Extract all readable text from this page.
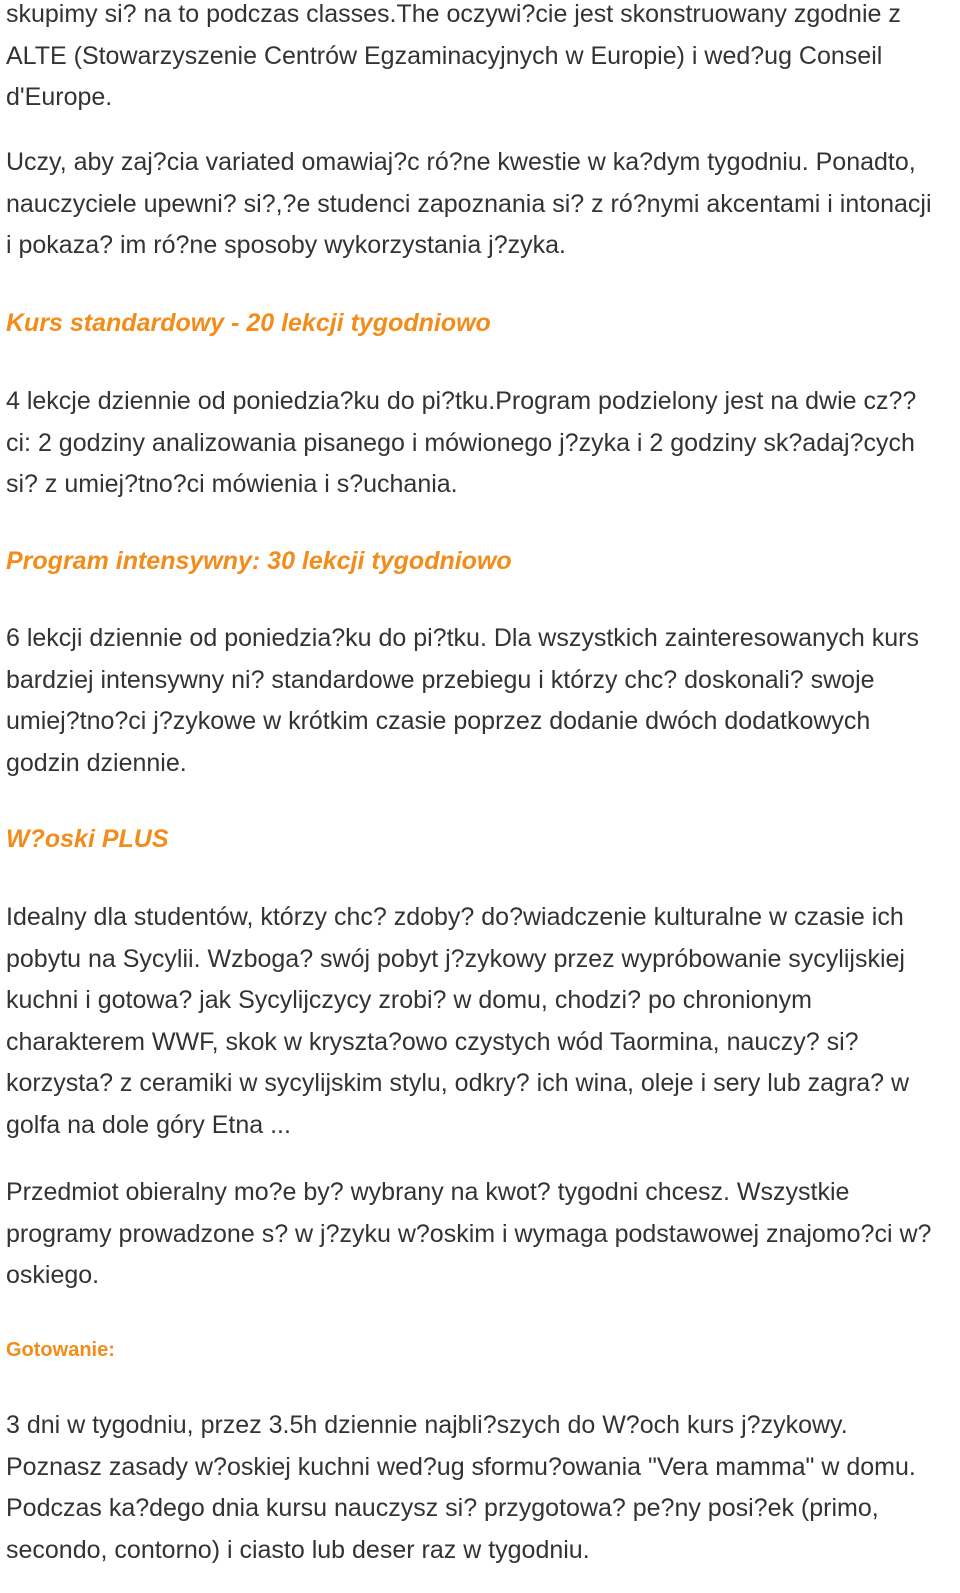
skupimy si? na to podczas classes.The oczywi?cie jest skonstruowany zgodnie z ALTE (Stowarzyszenie Centrów Egzaminacyjnych w Europie) i wed?ug Conseil d'Europe.

Uczy, aby zaj?cia variated omawiaj?c ró?ne kwestie w ka?dym tygodniu. Ponadto, nauczyciele upewni? si?,?e studenci zapoznania si? z ró?nymi akcentami i intonacji i pokaza? im ró?ne sposoby wykorzystania j?zyka.

Kurs standardowy - 20 lekcji tygodniowo

4 lekcje dziennie od poniedzia?ku do pi?tku.Program podzielony jest na dwie cz??ci: 2 godziny analizowania pisanego i mówionego j?zyka i 2 godziny sk?adaj?cych si? z umiej?tno?ci mówienia i s?uchania.

Program intensywny: 30 lekcji tygodniowo

6 lekcji dziennie od poniedzia?ku do pi?tku. Dla wszystkich zainteresowanych kurs bardziej intensywny ni? standardowe przebiegu i którzy chc? doskonali? swoje umiej?tno?ci j?zykowe w krótkim czasie poprzez dodanie dwóch dodatkowych godzin dziennie.

W?oski PLUS

Idealny dla studentów, którzy chc? zdoby? do?wiadczenie kulturalne w czasie ich pobytu na Sycylii. Wzboga? swój pobyt j?zykowy przez wypróbowanie sycylijskiej kuchni i gotowa? jak Sycylijczycy zrobi? w domu, chodzi? po chronionym charakterem WWF, skok w kryszta?owo czystych wód Taormina, nauczy? si? korzysta? z ceramiki w sycylijskim stylu, odkry? ich wina, oleje i sery lub zagra? w golfa na dole góry Etna ...

Przedmiot obieralny mo?e by? wybrany na kwot? tygodni chcesz. Wszystkie programy prowadzone s? w j?zyku w?oskim i wymaga podstawowej znajomo?ci w?oskiego.

Gotowanie:

3 dni w tygodniu, przez 3.5h dziennie najbli?szych do W?och kurs j?zykowy. Poznasz zasady w?oskiej kuchni wed?ug sformu?owania "Vera mamma" w domu. Podczas ka?dego dnia kursu nauczysz si? przygotowa? pe?ny posi?ek (primo, secondo, contorno) i ciasto lub deser raz w tygodniu.
